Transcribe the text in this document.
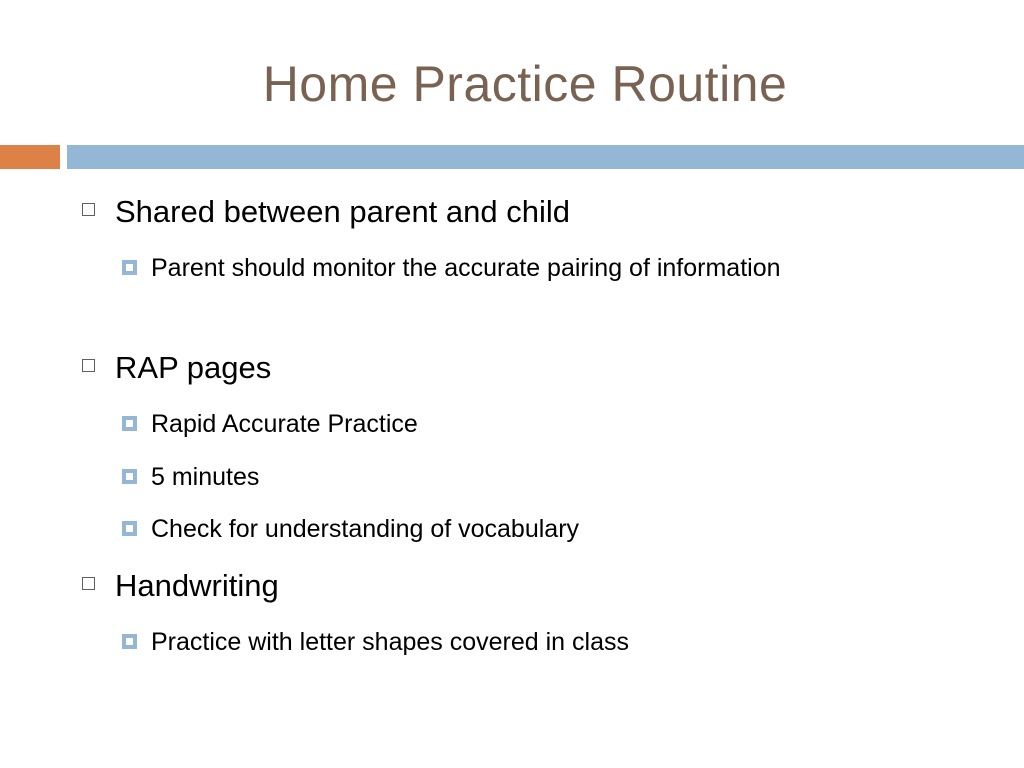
Home Practice Routine
Shared between parent and child
Parent should monitor the accurate pairing of information
RAP pages
Rapid Accurate Practice
5 minutes
Check for understanding of vocabulary
Handwriting
Practice with letter shapes covered in class
